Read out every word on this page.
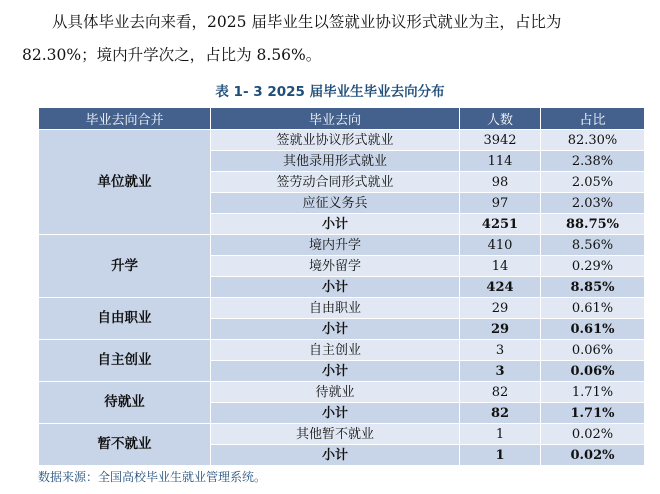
从具体毕业去向来看，2025 届毕业生以签就业协议形式就业为主，占比为
82.30%；境内升学次之，占比为 8.56%。

表 1- 3 2025 届毕业生毕业去向分布
毕业去向合并	毕业去向	人数	占比
单位就业	签就业协议形式就业	3942	82.30%
	其他录用形式就业	114	2.38%
	签劳动合同形式就业	98	2.05%
	应征义务兵	97	2.03%
	小计	4251	88.75%
升学	境内升学	410	8.56%
	境外留学	14	0.29%
	小计	424	8.85%
自由职业	自由职业	29	0.61%
	小计	29	0.61%
自主创业	自主创业	3	0.06%
	小计	3	0.06%
待就业	待就业	82	1.71%
	小计	82	1.71%
暂不就业	其他暂不就业	1	0.02%
	小计	1	0.02%
数据来源：全国高校毕业生就业管理系统。
